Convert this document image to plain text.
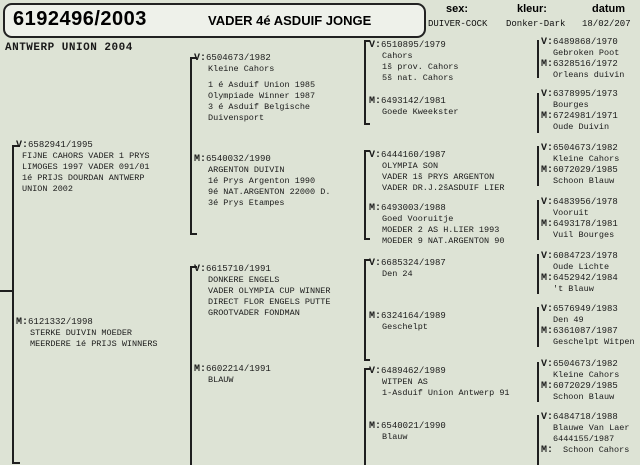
6192496/2003	VADER 4é ASDUIF JONGE
sex:
DUIVER-COCK
kleur:
Donker-Dark
datum
18/02/207
ANTWERP UNION 2004
V:6582941/1995
FIJNE CAHORS VADER 1 PRYS
LIMOGES 1997 VADER 091/01
1é PRIJS DOURDAN ANTWERP
UNION 2002
M:6121332/1998
STERKE DUIVIN MOEDER
MEERDERE 1é PRIJS WINNERS
V:6504673/1982
Kleine Cahors
1 é Asduif Union 1985
Olympiade Winner 1987
3 é Asduif Belgische
Duivensport
M:6540032/1990
ARGENTON DUIVIN
1é Prys Argenton 1990
9é NAT.ARGENTON 22000 D.
3é Prys Etampes
V:6615710/1991
DONKERE ENGELS
VADER OLYMPIA CUP WINNER
DIRECT FLOR ENGELS PUTTE
GROOTVADER FONDMAN
M:6602214/1991
BLAUW
V:6510895/1979
Cahors
1š prov. Cahors
5š nat. Cahors
M:6493142/1981
Goede Kweekster
V:6444160/1987
OLYMPIA SON
VADER 1š PRYS ARGENTON
VADER DR.J.2šASDUIF LIER
M:6493003/1988
Goed Vooruitje
MOEDER 2 AS H.LIER 1993
MOEDER 9 NAT.ARGENTON 90
V:6685324/1987
Den 24
M:6324164/1989
Geschelpt
V:6489462/1989
WITPEN AS
1-Asduif Union Antwerp 91
M:6540021/1990
Blauw
V:6489868/1970
Gebroken Poot
M:6328516/1972
Orleans duivin
V:6378995/1973
Bourges
M:6724981/1971
Oude Duivin
V:6504673/1982
Kleine Cahors
M:6072029/1985
Schoon Blauw
V:6483956/1978
Vooruit
M:6493178/1981
Vuil Bourges
V:6084723/1978
Oude Lichte
M:6452942/1984
't Blauw
V:6576949/1983
Den 49
M:6361087/1987
Geschelpt Witpen
V:6504673/1982
Kleine Cahors
M:6072029/1985
Schoon Blauw
V:6484718/1988
Blauwe Van Laer
6444155/1987
M:	Schoon Cahors
